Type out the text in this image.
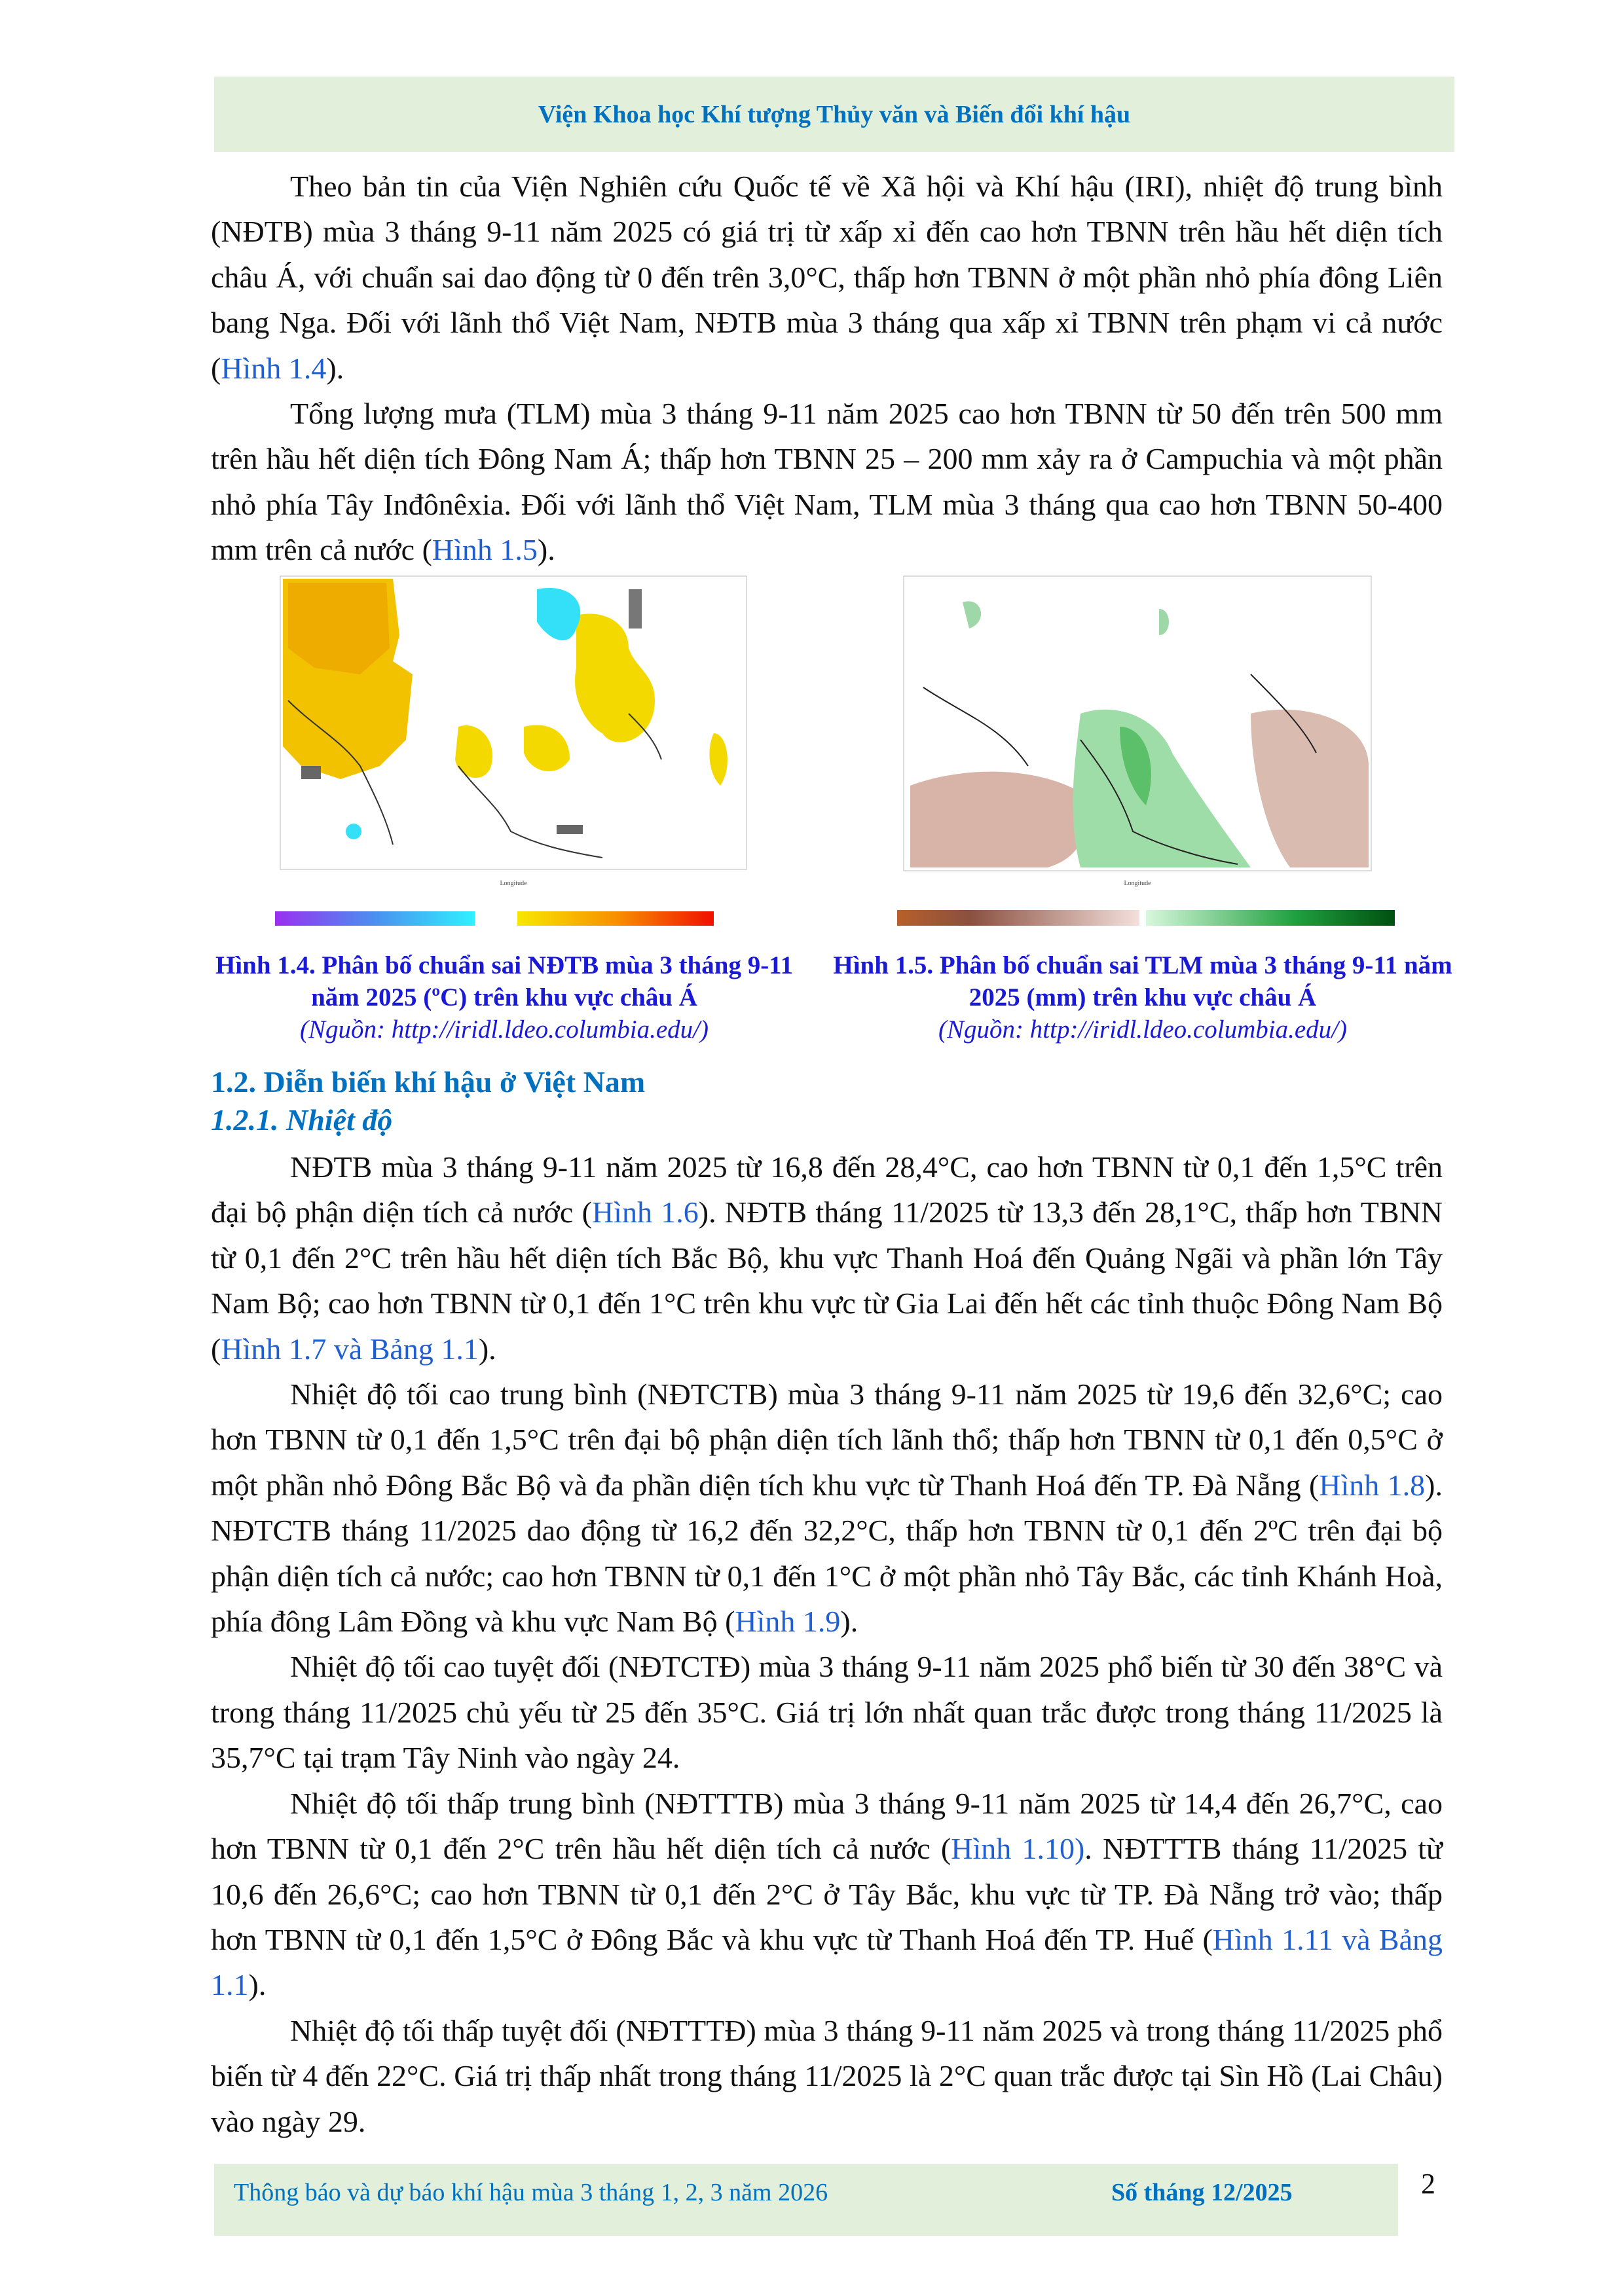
Viện Khoa học Khí tượng Thủy văn và Biến đổi khí hậu

Theo bản tin của Viện Nghiên cứu Quốc tế về Xã hội và Khí hậu (IRI), nhiệt độ trung bình (NĐTB) mùa 3 tháng 9-11 năm 2025 có giá trị từ xấp xỉ đến cao hơn TBNN trên hầu hết diện tích châu Á, với chuẩn sai dao động từ 0 đến trên 3,0°C, thấp hơn TBNN ở một phần nhỏ phía đông Liên bang Nga. Đối với lãnh thổ Việt Nam, NĐTB mùa 3 tháng qua xấp xỉ TBNN trên phạm vi cả nước (Hình 1.4).

Tổng lượng mưa (TLM) mùa 3 tháng 9-11 năm 2025 cao hơn TBNN từ 50 đến trên 500 mm trên hầu hết diện tích Đông Nam Á; thấp hơn TBNN 25 – 200 mm xảy ra ở Campuchia và một phần nhỏ phía Tây Inđônêxia. Đối với lãnh thổ Việt Nam, TLM mùa 3 tháng qua cao hơn TBNN 50-400 mm trên cả nước (Hình 1.5).

Longitude
Hình 1.4. Phân bố chuẩn sai NĐTB mùa 3 tháng 9-11 năm 2025 (ºC) trên khu vực châu Á
(Nguồn: http://iridl.ldeo.columbia.edu/)
Longitude
Hình 1.5. Phân bố chuẩn sai TLM mùa 3 tháng 9-11 năm 2025 (mm) trên khu vực châu Á
(Nguồn: http://iridl.ldeo.columbia.edu/)
1.2. Diễn biến khí hậu ở Việt Nam
1.2.1. Nhiệt độ

NĐTB mùa 3 tháng 9-11 năm 2025 từ 16,8 đến 28,4°C, cao hơn TBNN từ 0,1 đến 1,5°C trên đại bộ phận diện tích cả nước (Hình 1.6). NĐTB tháng 11/2025 từ 13,3 đến 28,1°C, thấp hơn TBNN từ 0,1 đến 2°C trên hầu hết diện tích Bắc Bộ, khu vực Thanh Hoá đến Quảng Ngãi và phần lớn Tây Nam Bộ; cao hơn TBNN từ 0,1 đến 1°C trên khu vực từ Gia Lai đến hết các tỉnh thuộc Đông Nam Bộ (Hình 1.7 và Bảng 1.1).

Nhiệt độ tối cao trung bình (NĐTCTB) mùa 3 tháng 9-11 năm 2025 từ 19,6 đến 32,6°C; cao hơn TBNN từ 0,1 đến 1,5°C trên đại bộ phận diện tích lãnh thổ; thấp hơn TBNN từ 0,1 đến 0,5°C ở một phần nhỏ Đông Bắc Bộ và đa phần diện tích khu vực từ Thanh Hoá đến TP. Đà Nẵng (Hình 1.8). NĐTCTB tháng 11/2025 dao động từ 16,2 đến 32,2°C, thấp hơn TBNN từ 0,1 đến 2ºC trên đại bộ phận diện tích cả nước; cao hơn TBNN từ 0,1 đến 1°C ở một phần nhỏ Tây Bắc, các tỉnh Khánh Hoà, phía đông Lâm Đồng và khu vực Nam Bộ (Hình 1.9).

Nhiệt độ tối cao tuyệt đối (NĐTCTĐ) mùa 3 tháng 9-11 năm 2025 phổ biến từ 30 đến 38°C và trong tháng 11/2025 chủ yếu từ 25 đến 35°C. Giá trị lớn nhất quan trắc được trong tháng 11/2025 là 35,7°C tại trạm Tây Ninh vào ngày 24.

Nhiệt độ tối thấp trung bình (NĐTTTB) mùa 3 tháng 9-11 năm 2025 từ 14,4 đến 26,7°C, cao hơn TBNN từ 0,1 đến 2°C trên hầu hết diện tích cả nước (Hình 1.10). NĐTTTB tháng 11/2025 từ 10,6 đến 26,6°C; cao hơn TBNN từ 0,1 đến 2°C ở Tây Bắc, khu vực từ TP. Đà Nẵng trở vào; thấp hơn TBNN từ 0,1 đến 1,5°C ở Đông Bắc và khu vực từ Thanh Hoá đến TP. Huế (Hình 1.11 và Bảng 1.1).

Nhiệt độ tối thấp tuyệt đối (NĐTTTĐ) mùa 3 tháng 9-11 năm 2025 và trong tháng 11/2025 phổ biến từ 4 đến 22°C. Giá trị thấp nhất trong tháng 11/2025 là 2°C quan trắc được tại Sìn Hồ (Lai Châu) vào ngày 29.

Thông báo và dự báo khí hậu mùa 3 tháng 1, 2, 3 năm 2026	Số tháng 12/2025	2
